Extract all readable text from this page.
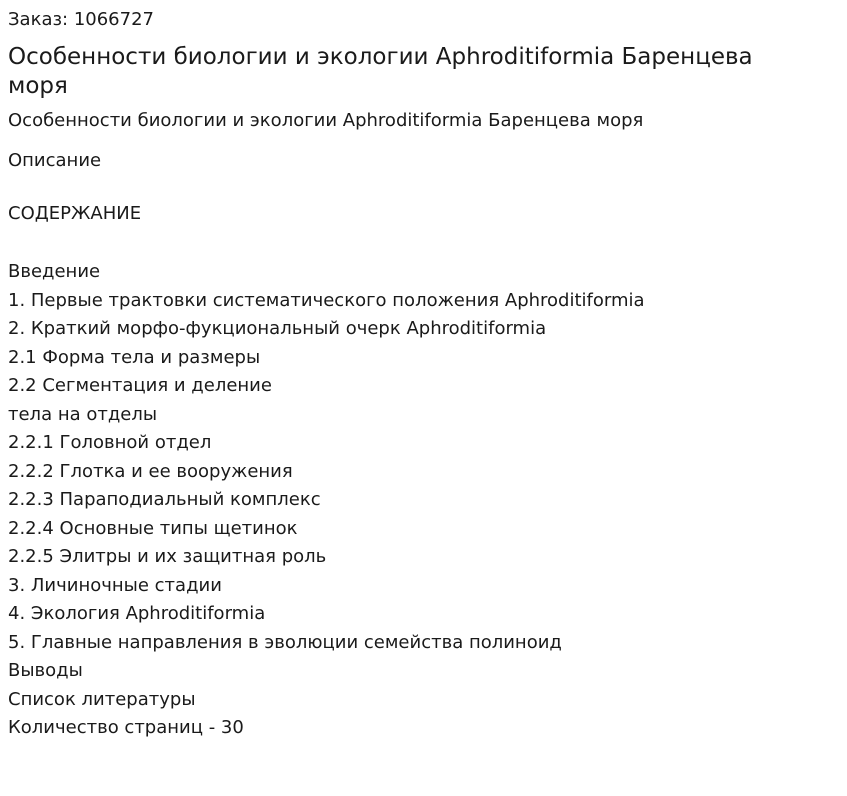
Заказ: 1066727
Особенности биологии и экологии Aphroditiformia Баренцева моря
Особенности биологии и экологии Aphroditiformia Баренцева моря
Описание
СОДЕРЖАНИЕ
Введение
1. Первые трактовки систематического положения Aphroditiformia
2. Краткий морфо-фукциональный очерк Aphroditiformia
2.1 Форма тела и размеры
2.2 Сегментация и деление
тела на отделы
2.2.1 Головной отдел
2.2.2 Глотка и ее вооружения
2.2.3 Параподиальный комплекс
2.2.4 Основные типы щетинок
2.2.5 Элитры и их защитная роль
3. Личиночные стадии
4. Экология Aphroditiformia
5. Главные направления в эволюции семейства полиноид
Выводы
Список литературы
Количество страниц - 30
